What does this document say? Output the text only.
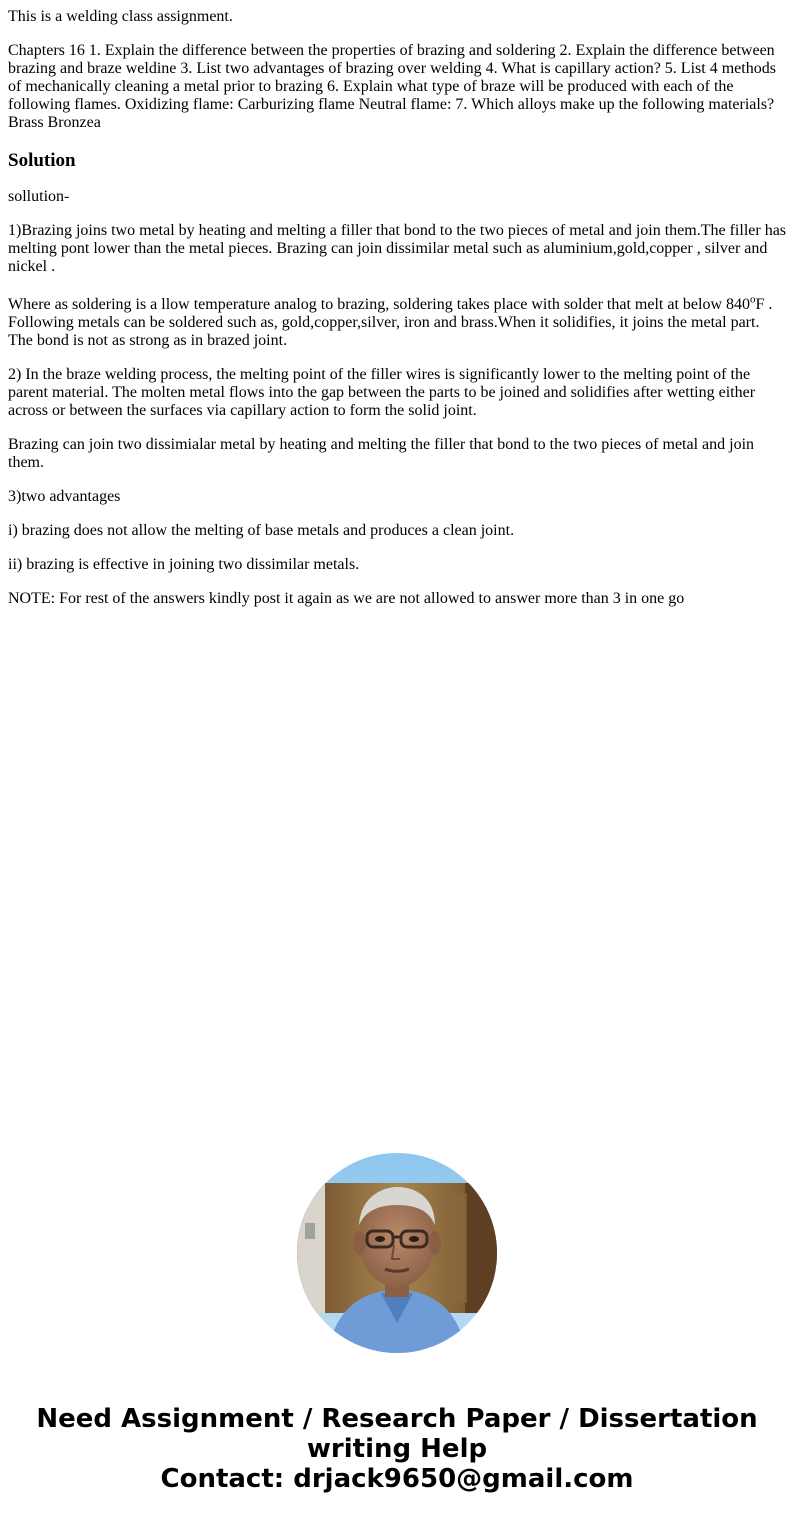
This is a welding class assignment.

Chapters 16 1. Explain the difference between the properties of brazing and soldering 2. Explain the difference between brazing and braze weldine 3. List two advantages of brazing over welding 4. What is capillary action? 5. List 4 methods of mechanically cleaning a metal prior to brazing 6. Explain what type of braze will be produced with each of the following flames. Oxidizing flame: Carburizing flame Neutral flame: 7. Which alloys make up the following materials? Brass Bronzea

Solution

sollution-

1)Brazing joins two metal by heating and melting a filler that bond to the two pieces of metal and join them.The filler has melting pont lower than the metal pieces. Brazing can join dissimilar metal such as aluminium,gold,copper , silver and nickel .

Where as soldering is a llow temperature analog to brazing, soldering takes place with solder that melt at below 840$^o$F . Following metals can be soldered such as, gold,copper,silver, iron and brass.When it solidifies, it joins the metal part. The bond is not as strong as in brazed joint.

2) In the braze welding process, the melting point of the filler wires is significantly lower to the melting point of the parent material. The molten metal flows into the gap between the parts to be joined and solidifies after wetting either across or between the surfaces via capillary action to form the solid joint.

Brazing can join two dissimialar metal by heating and melting the filler that bond to the two pieces of metal and join them.

3)two advantages

i) brazing does not allow the melting of base metals and produces a clean joint.

ii) brazing is effective in joining two dissimilar metals.

NOTE: For rest of the answers kindly post it again as we are not allowed to answer more than 3 in one go

Need Assignment / Research Paper / Dissertation
writing Help
Contact: drjack9650@gmail.com
